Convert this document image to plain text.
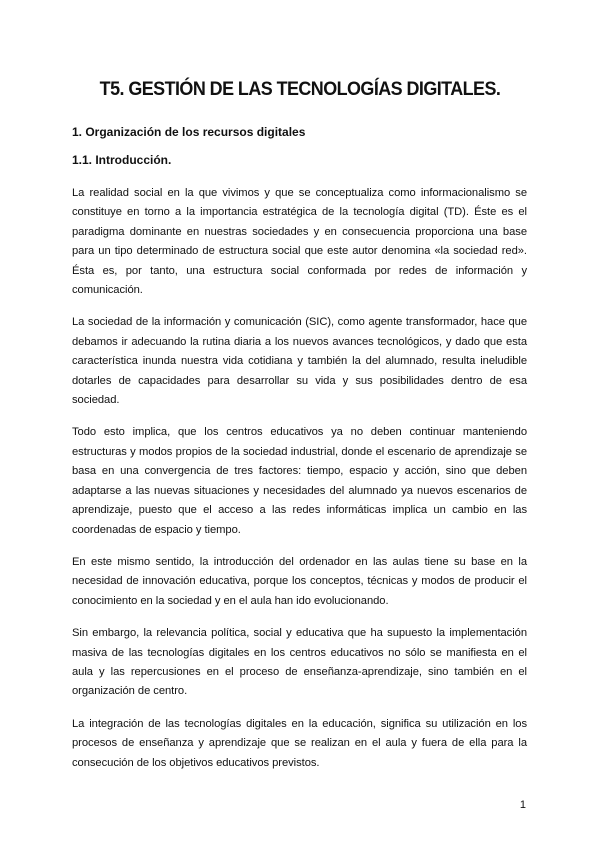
T5. GESTIÓN DE LAS TECNOLOGÍAS DIGITALES.
1. Organización de los recursos digitales
1.1. Introducción.

La realidad social en la que vivimos y que se conceptualiza como informacionalismo se constituye en torno a la importancia estratégica de la tecnología digital (TD). Éste es el paradigma dominante en nuestras sociedades y en consecuencia proporciona una base para un tipo determinado de estructura social que este autor denomina «la sociedad red». Ésta es, por tanto, una estructura social conformada por redes de información y comunicación.

La sociedad de la información y comunicación (SIC), como agente transformador, hace que debamos ir adecuando la rutina diaria a los nuevos avances tecnológicos, y dado que esta característica inunda nuestra vida cotidiana y también la del alumnado, resulta ineludible dotarles de capacidades para desarrollar su vida y sus posibilidades dentro de esa sociedad.

Todo esto implica, que los centros educativos ya no deben continuar manteniendo estructuras y modos propios de la sociedad industrial, donde el escenario de aprendizaje se basa en una convergencia de tres factores: tiempo, espacio y acción, sino que deben adaptarse a las nuevas situaciones y necesidades del alumnado ya nuevos escenarios de aprendizaje, puesto que el acceso a las redes informáticas implica un cambio en las coordenadas de espacio y tiempo.

En este mismo sentido, la introducción del ordenador en las aulas tiene su base en la necesidad de innovación educativa, porque los conceptos, técnicas y modos de producir el conocimiento en la sociedad y en el aula han ido evolucionando.

Sin embargo, la relevancia política, social y educativa que ha supuesto la implementación masiva de las tecnologías digitales en los centros educativos no sólo se manifiesta en el aula y las repercusiones en el proceso de enseñanza-aprendizaje, sino también en el organización de centro.

La integración de las tecnologías digitales en la educación, significa su utilización en los procesos de enseñanza y aprendizaje que se realizan en el aula y fuera de ella para la consecución de los objetivos educativos previstos.

1
